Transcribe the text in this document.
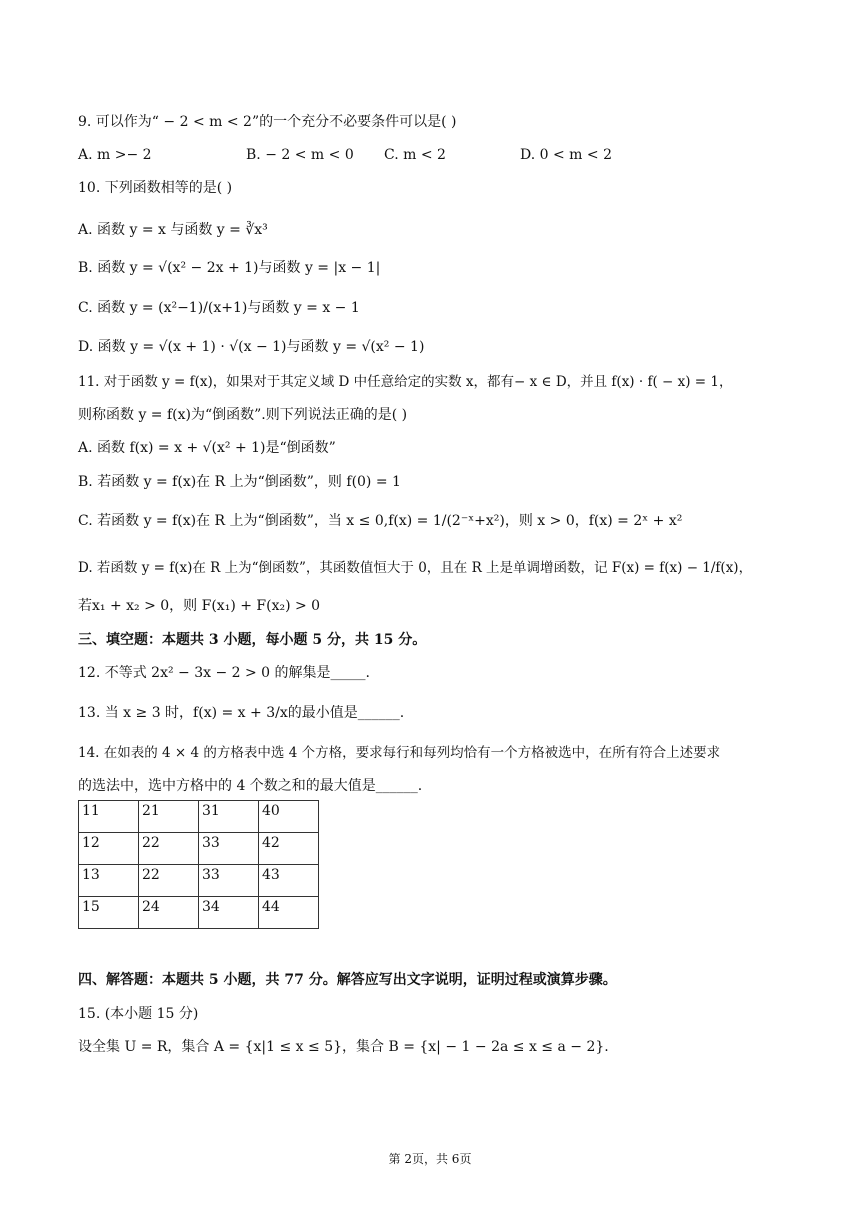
9. 可以作为“ − 2 < m < 2”的一个充分不必要条件可以是( )
A. m >− 2	B. − 2 < m < 0 C. m < 2	D. 0 < m < 2
10. 下列函数相等的是( )
A. 函数 y = x 与函数 y = ∛x³
B. 函数 y = √(x² − 2x + 1)与函数 y = |x − 1|
C. 函数 y = (x²−1)/(x+1)与函数 y = x − 1
D. 函数 y = √(x + 1) · √(x − 1)与函数 y = √(x² − 1)
11. 对于函数 y = f(x)，如果对于其定义域 D 中任意给定的实数 x，都有− x ∈ D，并且 f(x) · f( − x) = 1，
则称函数 y = f(x)为“倒函数”.则下列说法正确的是( )
A. 函数 f(x) = x + √(x² + 1)是“倒函数”
B. 若函数 y = f(x)在 R 上为“倒函数”，则 f(0) = 1
C. 若函数 y = f(x)在 R 上为“倒函数”，当 x ≤ 0,f(x) = 1/(2⁻ˣ+x²)，则 x > 0，f(x) = 2ˣ + x²
D. 若函数 y = f(x)在 R 上为“倒函数”，其函数值恒大于 0，且在 R 上是单调增函数，记 F(x) = f(x) − 1/f(x)，
若x₁ + x₂ > 0，则 F(x₁) + F(x₂) > 0
三、填空题：本题共 3 小题，每小题 5 分，共 15 分。
12. 不等式 2x² − 3x − 2 > 0 的解集是_____.
13. 当 x ≥ 3 时，f(x) = x + 3/x的最小值是______.
14. 在如表的 4 × 4 的方格表中选 4 个方格，要求每行和每列均恰有一个方格被选中，在所有符合上述要求
的选法中，选中方格中的 4 个数之和的最大值是______.
11	21	31	40
12	22	33	42
13	22	33	43
15	24	34	44
四、解答题：本题共 5 小题，共 77 分。解答应写出文字说明，证明过程或演算步骤。
15. (本小题 15 分)
设全集 U = R，集合 A = {x|1 ≤ x ≤ 5}，集合 B = {x| − 1 − 2a ≤ x ≤ a − 2}.
第 2页，共 6页
